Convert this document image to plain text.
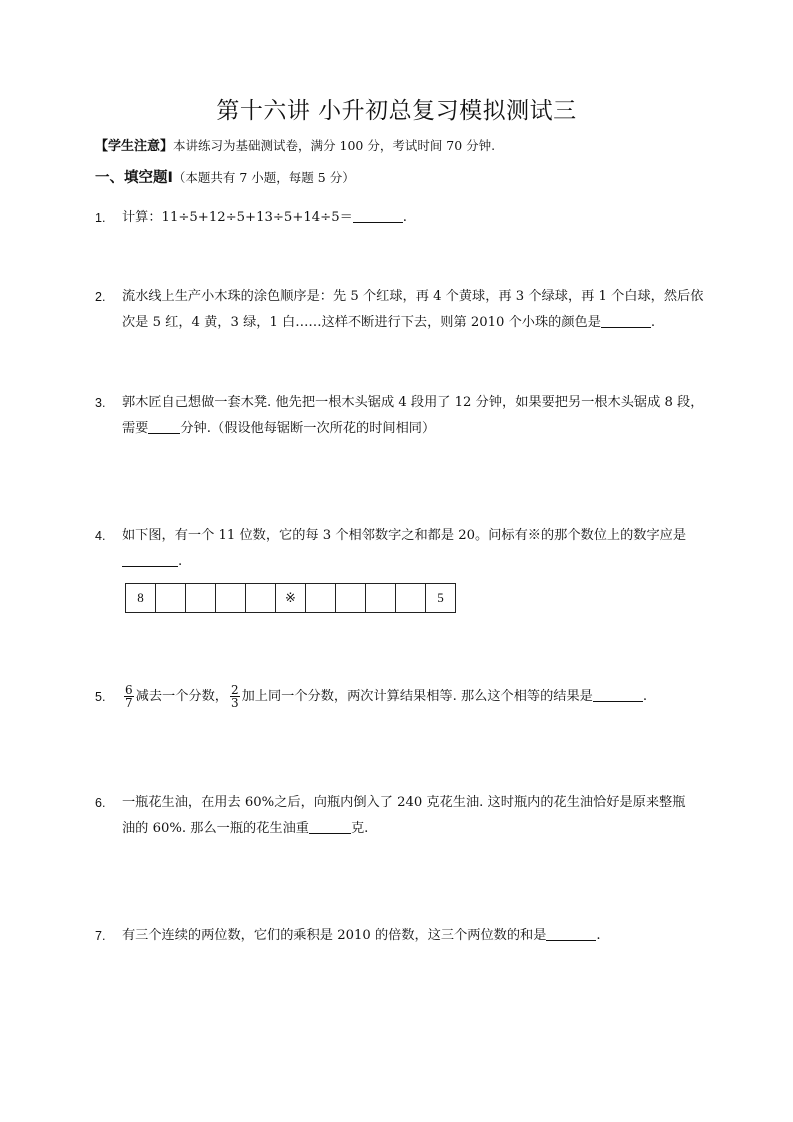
第十六讲 小升初总复习模拟测试三
【学生注意】本讲练习为基础测试卷，满分 100 分，考试时间 70 分钟.
一、填空题Ⅰ（本题共有 7 小题，每题 5 分）
1.	计算：11÷5+12÷5+13÷5+14÷5＝	.
2.	流水线上生产小木珠的涂色顺序是：先 5 个红球，再 4 个黄球，再 3 个绿球，再 1 个白球，然后依
次是 5 红，4 黄，3 绿，1 白……这样不断进行下去，则第 2010 个小珠的颜色是	.
3.	郭木匠自己想做一套木凳. 他先把一根木头锯成 4 段用了 12 分钟，如果要把另一根木头锯成 8 段，
需要 分钟.（假设他每锯断一次所花的时间相同）
4.	如下图，有一个 11 位数，它的每 3 个相邻数字之和都是 20。问标有※的那个数位上的数字应是
.
8					※					5
5.	$\frac{6}{7}$ 减去一个分数， $\frac{2}{3}$ 加上同一个分数，两次计算结果相等. 那么这个相等的结果是	.
6.	一瓶花生油，在用去 60%之后，向瓶内倒入了 240 克花生油. 这时瓶内的花生油恰好是原来整瓶
油的 60%. 那么一瓶的花生油重	克.
7.	有三个连续的两位数，它们的乘积是 2010 的倍数，这三个两位数的和是	.
